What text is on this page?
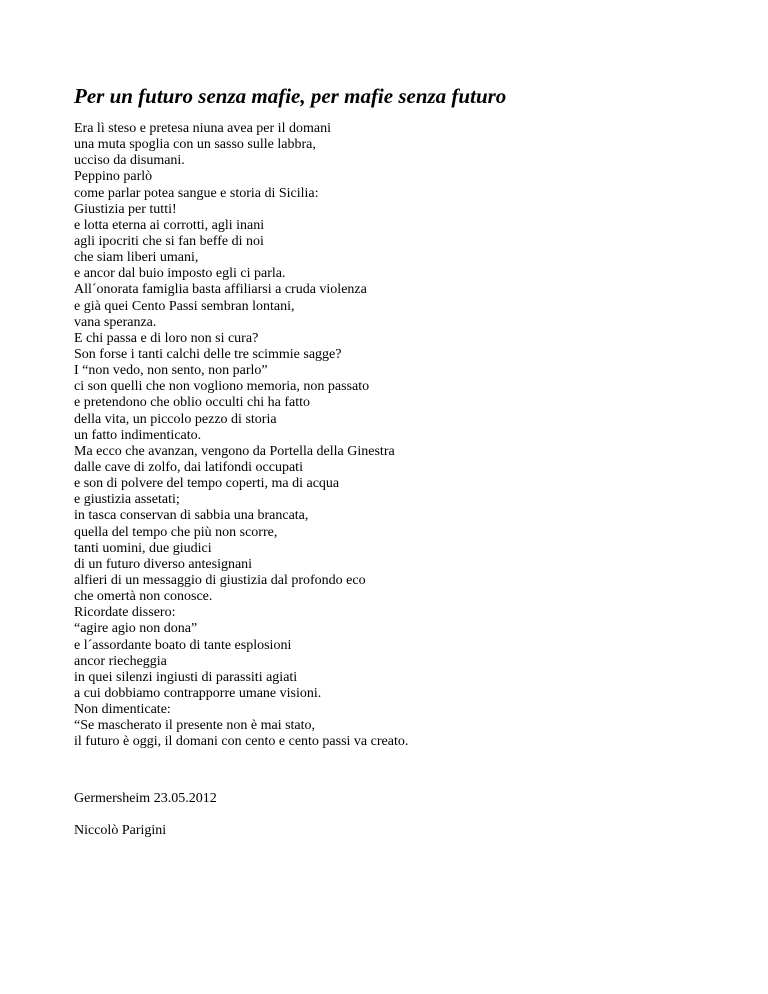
Per un futuro senza mafie, per mafie senza futuro
Era lì steso e pretesa niuna avea per il domani
una muta spoglia con un sasso sulle labbra,
ucciso da disumani.
Peppino parlò
come parlar potea sangue e storia di Sicilia:
Giustizia per tutti!
e lotta eterna ai corrotti, agli inani
agli ipocriti che si fan beffe di noi
che siam liberi umani,
e ancor dal buio imposto egli ci parla.
All´onorata famiglia basta affiliarsi a cruda violenza
e già quei Cento Passi sembran lontani,
vana speranza.
E chi passa e di loro non si cura?
Son forse i tanti calchi delle tre scimmie sagge?
I “non vedo, non sento, non parlo”
ci son quelli che non vogliono memoria, non passato
e pretendono che oblio occulti chi ha fatto
della vita, un piccolo pezzo di storia
un fatto indimenticato.
Ma ecco che avanzan, vengono da Portella della Ginestra
dalle cave di zolfo, dai latifondi occupati
e son di polvere del tempo coperti, ma di acqua
e giustizia assetati;
in tasca conservan di sabbia una brancata,
quella del tempo che più non scorre,
tanti uomini, due giudici
di un futuro diverso antesignani
alfieri di un messaggio di giustizia dal profondo eco
che omertà non conosce.
Ricordate dissero:
“agire agio non dona”
e l´assordante boato di tante esplosioni
ancor riecheggia
in quei silenzi ingiusti di parassiti agiati
a cui dobbiamo contrapporre umane visioni.
Non dimenticate:
“Se mascherato il presente non è mai stato,
il futuro è oggi, il domani con cento e cento passi va creato.

Germersheim 23.05.2012

Niccolò Parigini
